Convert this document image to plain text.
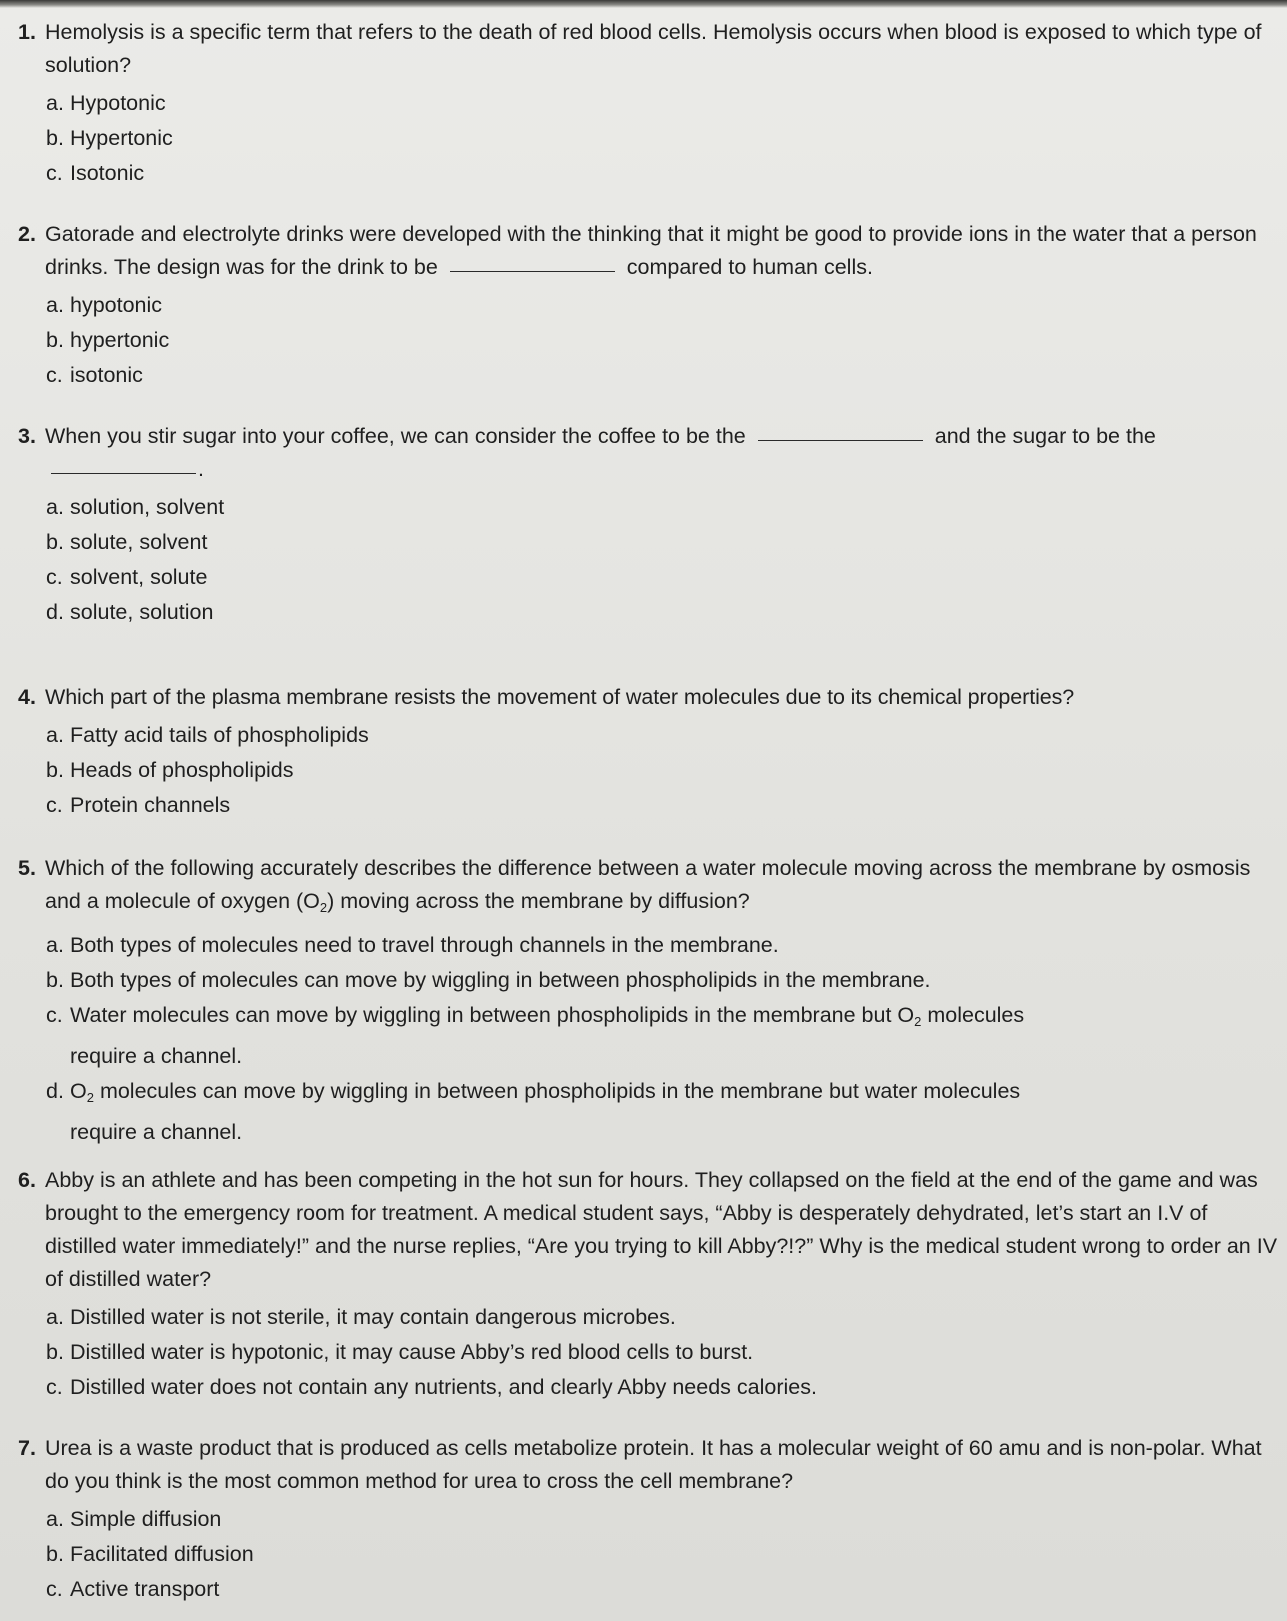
1. Hemolysis is a specific term that refers to the death of red blood cells. Hemolysis occurs when blood is exposed to which type of solution?

a. Hypotonic
b. Hypertonic
c. Isotonic

2. Gatorade and electrolyte drinks were developed with the thinking that it might be good to provide ions in the water that a person drinks. The design was for the drink to be	compared to human cells.

a. hypotonic
b. hypertonic
c. isotonic

3. When you stir sugar into your coffee, we can consider the coffee to be the	and the sugar to be the .

a. solution, solvent
b. solute, solvent
c. solvent, solute
d. solute, solution

4. Which part of the plasma membrane resists the movement of water molecules due to its chemical properties?

a. Fatty acid tails of phospholipids
b. Heads of phospholipids
c. Protein channels

5. Which of the following accurately describes the difference between a water molecule moving across the membrane by osmosis and a molecule of oxygen $(O_2)$ moving across the membrane by diffusion?

a. Both types of molecules need to travel through channels in the membrane.
b. Both types of molecules can move by wiggling in between phospholipids in the membrane.
c. Water molecules can move by wiggling in between phospholipids in the membrane but $O_2$ molecules
require a channel.
d. $O_2$ molecules can move by wiggling in between phospholipids in the membrane but water molecules
require a channel.

6. Abby is an athlete and has been competing in the hot sun for hours. They collapsed on the field at the end of the game and was brought to the emergency room for treatment. A medical student says, “Abby is desperately dehydrated, let’s start an I.V of distilled water immediately!” and the nurse replies, “Are you trying to kill Abby?!?” Why is the medical student wrong to order an IV of distilled water?

a. Distilled water is not sterile, it may contain dangerous microbes.
b. Distilled water is hypotonic, it may cause Abby’s red blood cells to burst.
c. Distilled water does not contain any nutrients, and clearly Abby needs calories.

7. Urea is a waste product that is produced as cells metabolize protein. It has a molecular weight of 60 amu and is non-polar. What do you think is the most common method for urea to cross the cell membrane?

a. Simple diffusion
b. Facilitated diffusion
c. Active transport
